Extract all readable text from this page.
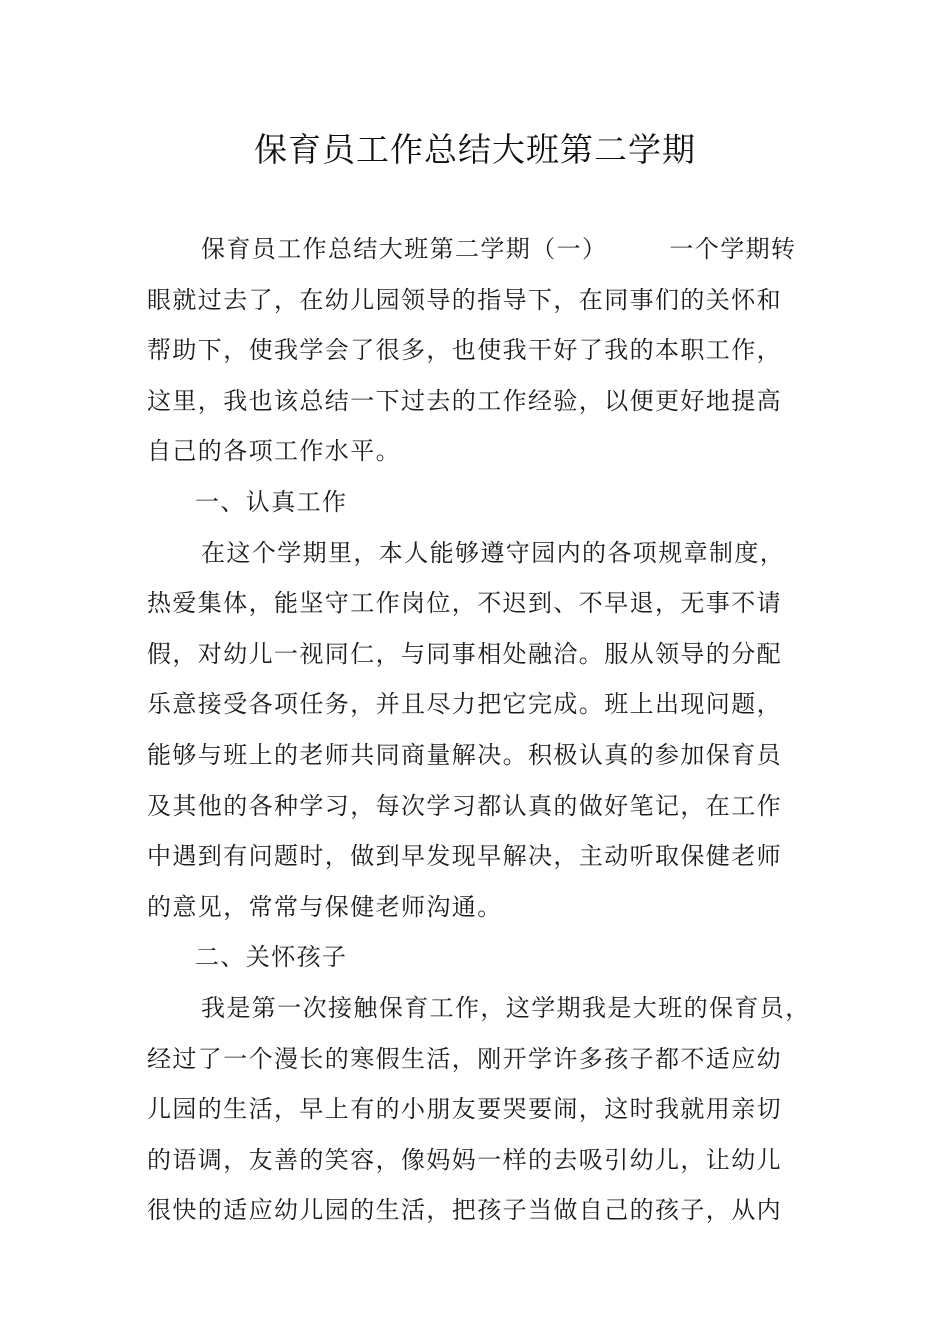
保育员工作总结大班第二学期
保育员工作总结大班第二学期（一）	一个学期转
眼就过去了，在幼儿园领导的指导下，在同事们的关怀和
帮助下，使我学会了很多，也使我干好了我的本职工作，
这里，我也该总结一下过去的工作经验，以便更好地提高
自己的各项工作水平。
一、认真工作
在这个学期里，本人能够遵守园内的各项规章制度，
热爱集体，能坚守工作岗位，不迟到、不早退，无事不请
假，对幼儿一视同仁，与同事相处融洽。服从领导的分配
乐意接受各项任务，并且尽力把它完成。班上出现问题，
能够与班上的老师共同商量解决。积极认真的参加保育员
及其他的各种学习，每次学习都认真的做好笔记，在工作
中遇到有问题时，做到早发现早解决，主动听取保健老师
的意见，常常与保健老师沟通。
二、关怀孩子
我是第一次接触保育工作，这学期我是大班的保育员，
经过了一个漫长的寒假生活，刚开学许多孩子都不适应幼
儿园的生活，早上有的小朋友要哭要闹，这时我就用亲切
的语调，友善的笑容，像妈妈一样的去吸引幼儿，让幼儿
很快的适应幼儿园的生活，把孩子当做自己的孩子，从内
